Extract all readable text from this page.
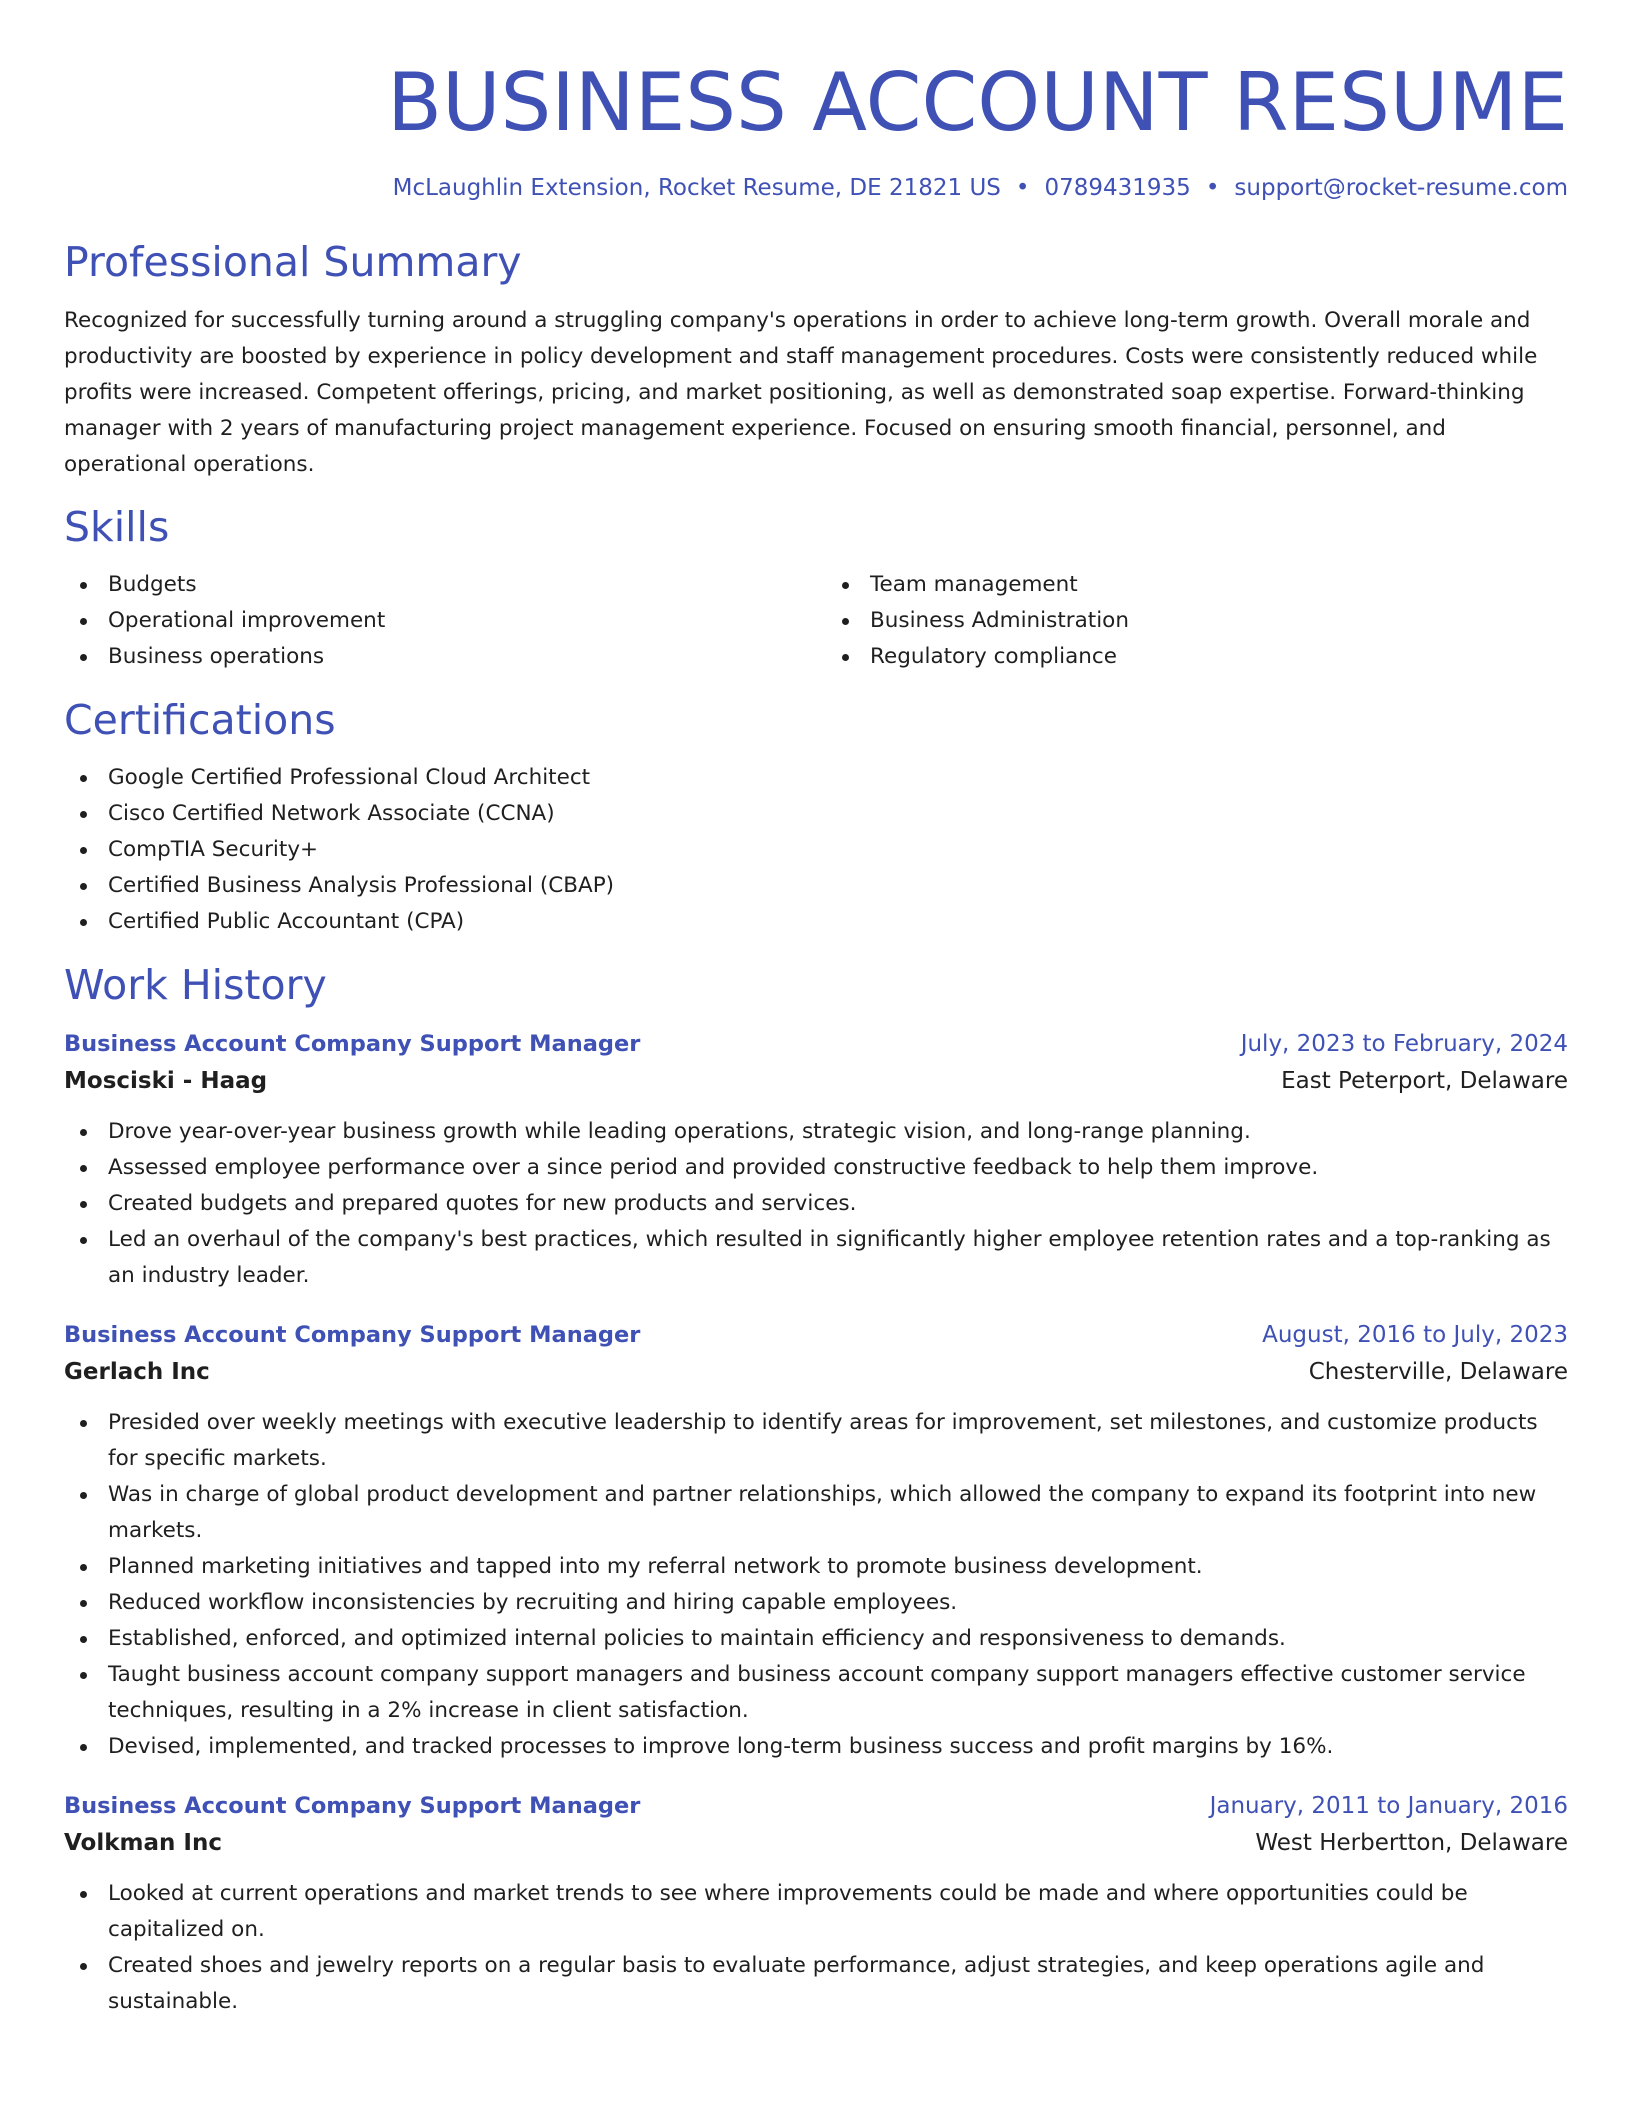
BUSINESS ACCOUNT RESUME
McLaughlin Extension, Rocket Resume, DE 21821 US • 0789431935 • support@rocket-resume.com
Professional Summary

Recognized for successfully turning around a struggling company's operations in order to achieve long-term growth. Overall morale and productivity are boosted by experience in policy development and staff management procedures. Costs were consistently reduced while profits were increased. Competent offerings, pricing, and market positioning, as well as demonstrated soap expertise. Forward-thinking manager with 2 years of manufacturing project management experience. Focused on ensuring smooth financial, personnel, and operational operations.

Skills
Budgets
Operational improvement
Business operations
Team management
Business Administration
Regulatory compliance
Certifications
Google Certified Professional Cloud Architect
Cisco Certified Network Associate (CCNA)
CompTIA Security+
Certified Business Analysis Professional (CBAP)
Certified Public Accountant (CPA)
Work History
Business Account Company Support Manager	July, 2023 to February, 2024
Mosciski - Haag	East Peterport, Delaware
Drove year-over-year business growth while leading operations, strategic vision, and long-range planning.
Assessed employee performance over a since period and provided constructive feedback to help them improve.
Created budgets and prepared quotes for new products and services.
Led an overhaul of the company's best practices, which resulted in significantly higher employee retention rates and a top-ranking as an industry leader.
Business Account Company Support Manager	August, 2016 to July, 2023
Gerlach Inc	Chesterville, Delaware
Presided over weekly meetings with executive leadership to identify areas for improvement, set milestones, and customize products for specific markets.
Was in charge of global product development and partner relationships, which allowed the company to expand its footprint into new markets.
Planned marketing initiatives and tapped into my referral network to promote business development.
Reduced workflow inconsistencies by recruiting and hiring capable employees.
Established, enforced, and optimized internal policies to maintain efficiency and responsiveness to demands.
Taught business account company support managers and business account company support managers effective customer service techniques, resulting in a 2% increase in client satisfaction.
Devised, implemented, and tracked processes to improve long-term business success and profit margins by 16%.
Business Account Company Support Manager	January, 2011 to January, 2016
Volkman Inc	West Herbertton, Delaware
Looked at current operations and market trends to see where improvements could be made and where opportunities could be capitalized on.
Created shoes and jewelry reports on a regular basis to evaluate performance, adjust strategies, and keep operations agile and sustainable.
